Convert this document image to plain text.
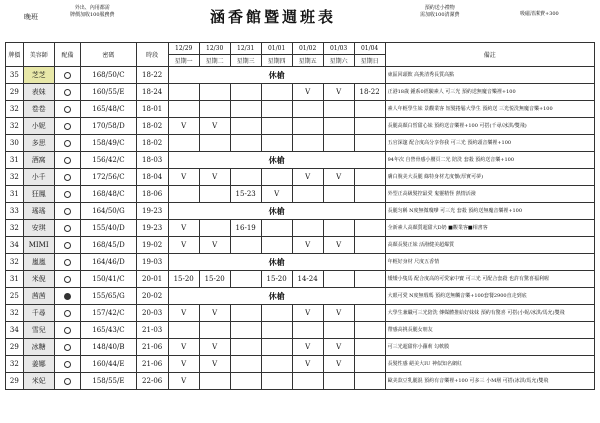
晚班
外出、內用都需
牌價加收100服務費	涵香館暨週班表	預約送小禮物
需加收100清潔費	吸磁清潔費+300
牌價	美容師	配備	密碼	時段	12/29	12/30	12/31	01/01	01/02	01/03	01/04	備註
					星期一	星期二	星期三	星期四	星期五	星期六	星期日	
35	芝芝		168/50/C	18-22	休槍							東區回頭飲 高挑清秀長質高點
29	表妹		160/55/E	18-24					V	V	18-22	正港18歲 鍾系0經驗素人 可三光 預約送無魔音樂裡+100
32	卷卷		165/48/C	18-01								素人年輕學生妹 景觀業客 短髮捲鬈大學生 預約送 三光悦洗無魔音樂+100
32	小妮		170/58/D	18-02	V	V						長腿高顏白皙甜心妹 預約送音樂裡+100 可搭(千尋/冰淇/雙飛)
30	多思		158/49/C	18-02								五官深邃 配合度高分享你我 可三光 預約頭音樂裡+100
31	酒窩		156/42/C	18-03	休槍							94年次 自營骨感小腰頁二光 陪洗 套殺 預約送音樂+100
32	小千		172/56/C	18-04	V	V			V	V		膚白脫美大長腿 綠特身材尤度懷(厚實可夢)
31	狂鳳		168/48/C	18-06			15-23	V				外型正高級髮控最愛 鬼靈精怪 熱情活潑
33	瑤瑤		164/50/G	19-23	休槍							長腿匀稱 N度無微瓊嗲 可三光 套殺 預約送無魔音樂裡+100
32	安琪		155/40/D	19-23	V		16-19					全新素人高顏質超甜大D奶 ■觀業客■相書客
34	MIMI		168/45/D	19-02	V	V			V	V		高顏長髮正妹 活潑健美超爆質
32	嵐嵐		164/46/D	19-03	休槍							年輕好身材 尺度五香情
31	米倪		150/41/C	20-01	15-20	15-20		15-20	14-24			矮矮小隻馬 配合度高的可愛家中寶 可三光 可配合套殺 也許有驚喜福利喔
25	茜茜		155/65/G	20-02	休槍							大眼可愛 N度無瑕瑪 預約送無觸音樂+100套餐2900直走到底
32	千尋		157/42/C	20-03	V	V			V	V		大學生兼職可三光陪洗 傳媒體推給好妹妹 預約有驚喜 可搭(小妮/冰淇/馬允)雙飛
34	雪兒		165/43/C	21-03								帶感高挑長腿女朋友
29	冰糖		148/40/B	21-06	V	V			V	V		可三光超甜你小蘿莉 勾軟膜
32	姜娜		160/44/E	21-06	V	V			V	V		長髮性感 絕美大IU 神似知名網紅
29	米妃		158/55/E	22-06	V							歐美款豆乳腿混 預約有音樂裡+100 可多三 小M層 可搭(冰淇/馬允)雙飛
